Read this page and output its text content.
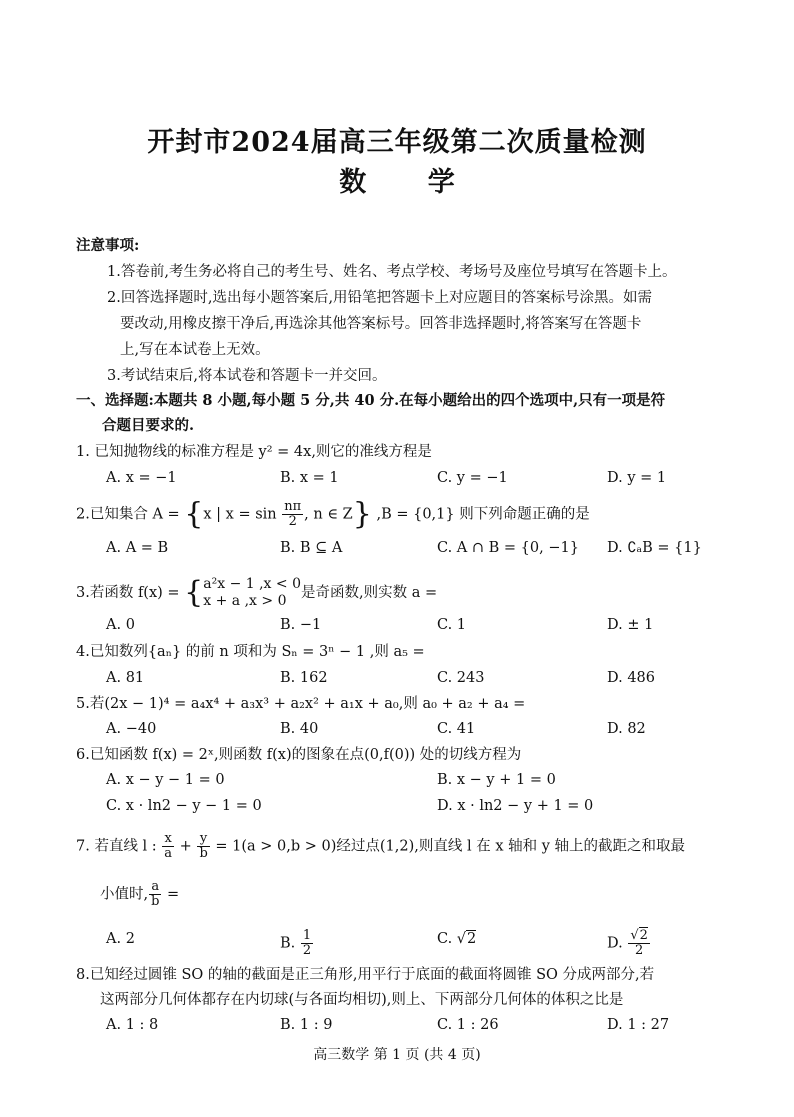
开封市2024届高三年级第二次质量检测
数 学
注意事项:
1.答卷前,考生务必将自己的考生号、姓名、考点学校、考场号及座位号填写在答题卡上。
2.回答选择题时,选出每小题答案后,用铅笔把答题卡上对应题目的答案标号涂黑。如需
要改动,用橡皮擦干净后,再选涂其他答案标号。回答非选择题时,将答案写在答题卡
上,写在本试卷上无效。
3.考试结束后,将本试卷和答题卡一并交回。
一、选择题:本题共 8 小题,每小题 5 分,共 40 分.在每小题给出的四个选项中,只有一项是符
合题目要求的.
1. 已知抛物线的标准方程是 y² = 4x,则它的准线方程是
A. x = −1	B. x = 1	C. y = −1	D. y = 1
2.已知集合 A = {x | $x = \sin \frac{n\pi}{2}$ , n ∈ Z} ,B = {0,1} 则下列命题正确的是
A. A = B	B. B ⊆ A	C. A ∩ B = {0, −1} D. ∁ₐB = {1}
3.若函数 f(x) = { a²x − 1 ,x < 0
x + a ,x > 0	是奇函数,则实数 a =
A. 0	B. −1	C. 1	D. ± 1
4.已知数列{aₙ} 的前 n 项和为 Sₙ = 3ⁿ − 1 ,则 a₅ =
A. 81	B. 162	C. 243	D. 486
5.若(2x − 1)⁴ = a₄x⁴ + a₃x³ + a₂x² + a₁x + a₀,则 a₀ + a₂ + a₄ =
A. −40	B. 40	C. 41	D. 82
6.已知函数 f(x) = 2ˣ,则函数 f(x)的图象在点(0,f(0)) 处的切线方程为
A. x − y − 1 = 0	B. x − y + 1 = 0
C. x · ln2 − y − 1 = 0	D. x · ln2 − y + 1 = 0
7. 若直线 l : $\frac{x}{a} + \frac{y}{b} = 1(a > 0,b > 0)$经过点(1,2),则直线 l 在 x 轴和 y 轴上的截距之和取最
小值时, $\frac{a}{b}$ =
A. 2	B. $\frac{1}{2}$	C. √2	D. $\frac{√2}{2}$
8.已知经过圆锥 SO 的轴的截面是正三角形,用平行于底面的截面将圆锥 SO 分成两部分,若
这两部分几何体都存在内切球(与各面均相切),则上、下两部分几何体的体积之比是
A. 1 : 8	B. 1 : 9	C. 1 : 26	D. 1 : 27
高三数学 第 1 页 (共 4 页)
